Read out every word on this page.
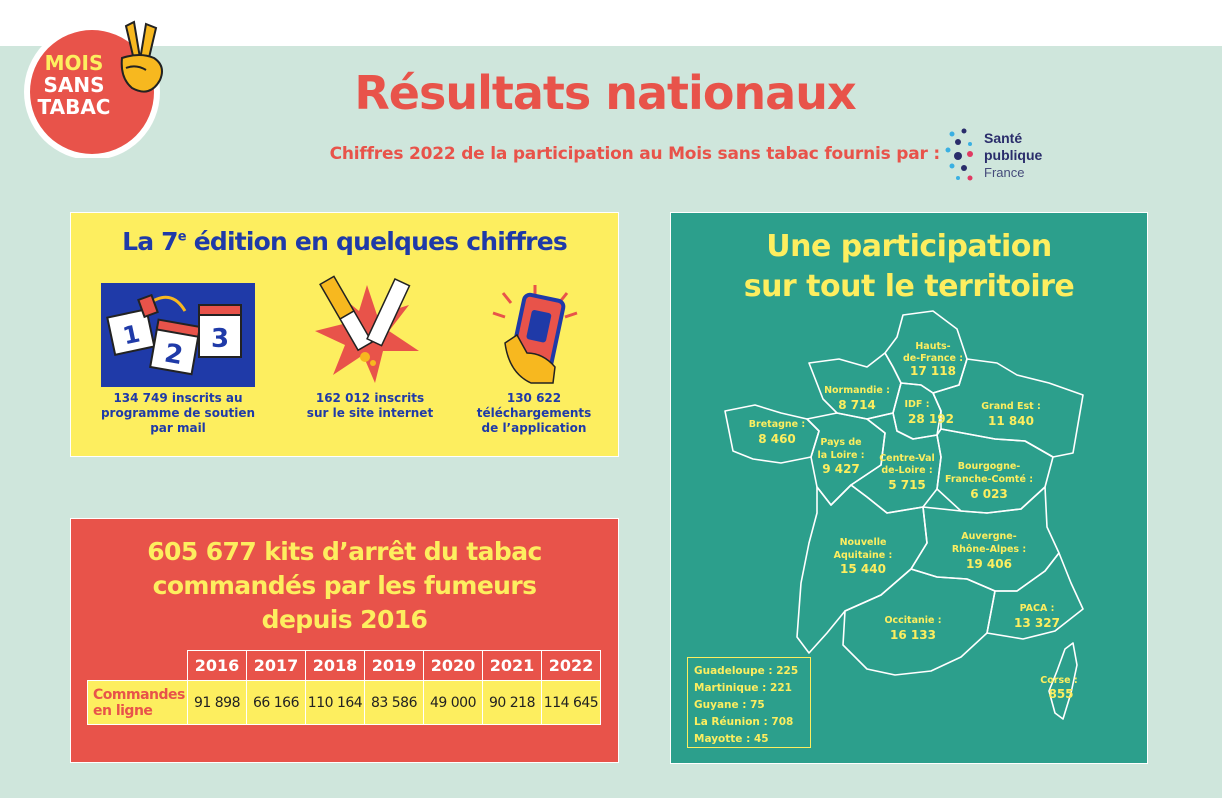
MOIS
SANS
TABAC	Résultats nationaux
Chiffres 2022 de la participation au Mois sans tabac fournis par :
Santé
publique
France
La 7e édition en quelques chiffres
1
2 3
134 749 inscrits au
programme de soutien
par mail
162 012 inscrits
sur le site internet
130 622
téléchargements
de l’application
605 677 kits d’arrêt du tabac
commandés par les fumeurs
depuis 2016
	2016	2017	2018	2019	2020	2021	2022

Commandes
en ligne	91 898	66 166	110 164	83 586	49 000	90 218	114 645
Une participation
sur tout le territoire
Hauts-
de-France :
17 118
Normandie :
8 714	IDF :
28 192
Grand Est :
11 840
Bretagne :
8 460	Pays de
la Loire :
9 427
Centre-Val
de-Loire :
5 715
Bourgogne-
Franche-Comté :
6 023
Nouvelle
Aquitaine :
15 440
Auvergne-
Rhône-Alpes :
19 406
Occitanie :
16 133
PACA :
13 327
Corse :
855
Guadeloupe : 225
Martinique : 221
Guyane : 75
La Réunion : 708
Mayotte : 45
